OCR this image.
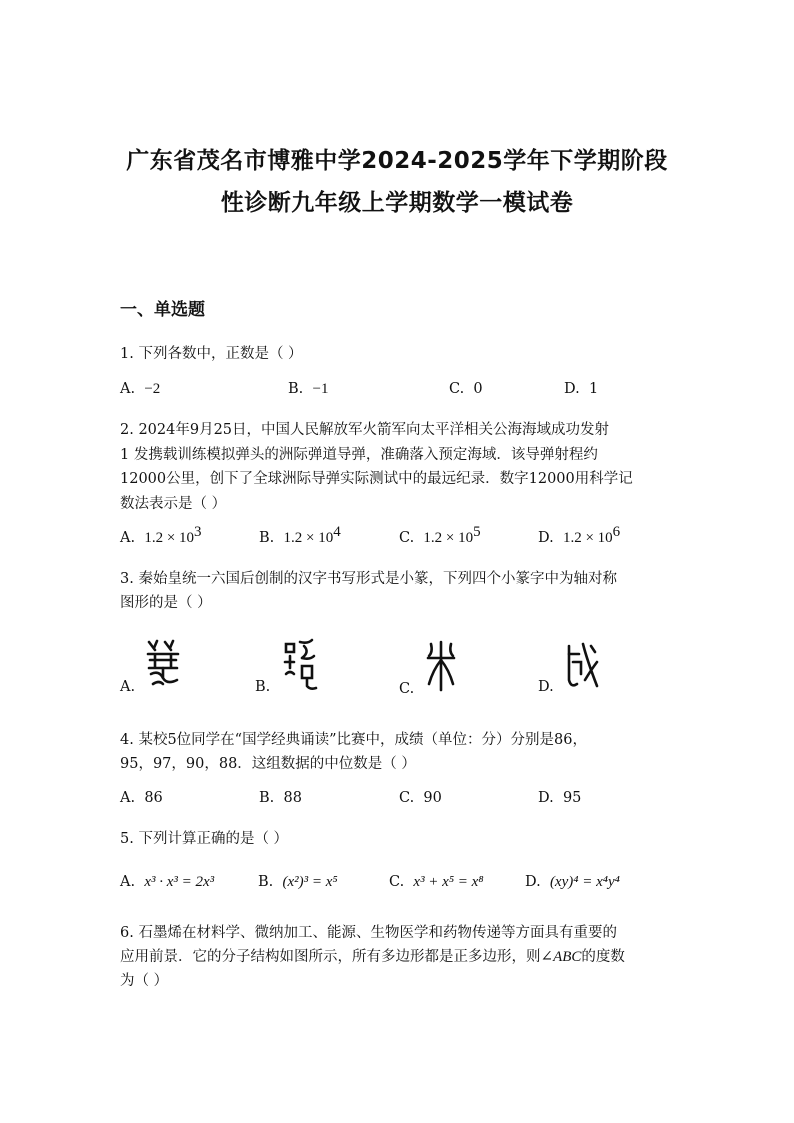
广东省茂名市博雅中学2024-2025学年下学期阶段
性诊断九年级上学期数学一模试卷
一、单选题
1. 下列各数中，正数是（ ）
A. −2	B. −1	C. 0	D. 1
2. 2024年9月25日，中国人民解放军火箭军向太平洋相关公海海域成功发射
1 发携载训练模拟弹头的洲际弹道导弹，准确落入预定海域．该导弹射程约
12000公里，创下了全球洲际导弹实际测试中的最远纪录．数字12000用科学记
数法表示是（ ）
A. $1.2 \times 10^3$	B. $1.2 \times 10^4$	C. $1.2 \times 10^5$	D. $1.2 \times 10^6$
3. 秦始皇统一六国后创制的汉字书写形式是小篆，下列四个小篆字中为轴对称
图形的是（ ）
A.	B.	C.	D.
4. 某校5位同学在“国学经典诵读”比赛中，成绩（单位：分）分别是86，
95，97，90，88．这组数据的中位数是（ ）
A. 86	B. 88	C. 90	D. 95
5. 下列计算正确的是（ ）
A. x³ · x³ = 2x³	B. (x²)³ = x⁵	C. x³ + x⁵ = x⁸	D. (xy)⁴ = x⁴y⁴
6. 石墨烯在材料学、微纳加工、能源、生物医学和药物传递等方面具有重要的
应用前景．它的分子结构如图所示，所有多边形都是正多边形，则∠ABC的度数
为（ ）
